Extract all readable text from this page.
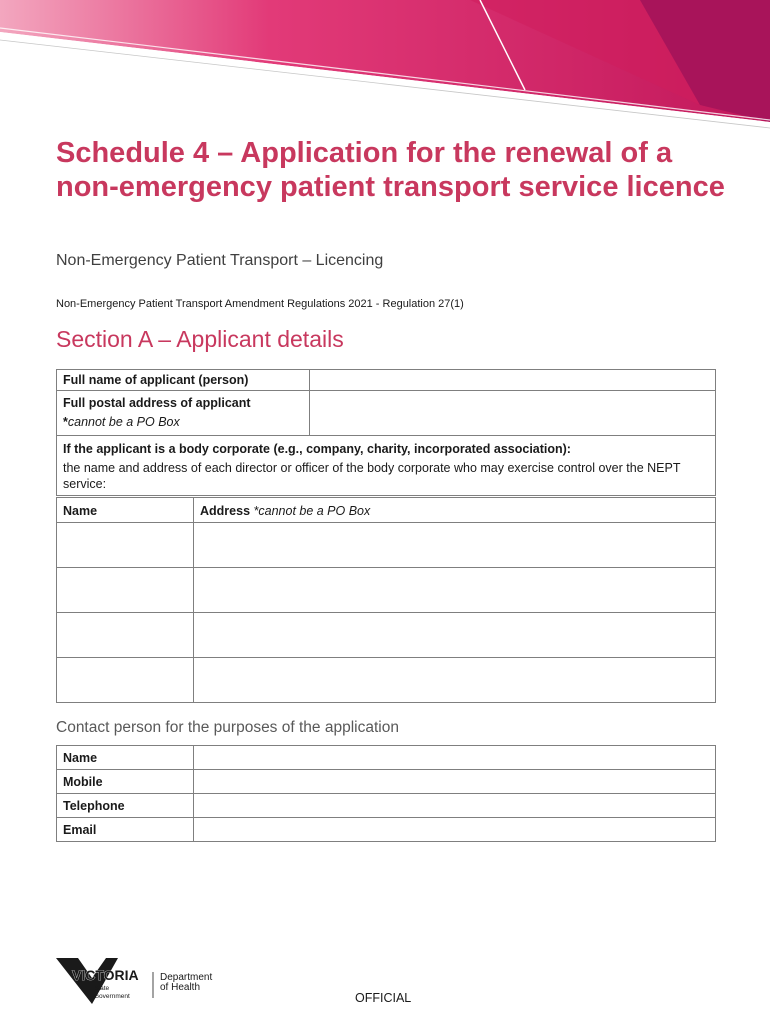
Schedule 4 – Application for the renewal of a non-emergency patient transport service licence

Non-Emergency Patient Transport – Licencing

Non-Emergency Patient Transport Amendment Regulations 2021 - Regulation 27(1)

Section A – Applicant details
Full name of applicant (person)	

Full postal address of applicant
*cannot be a PO Box	

If the applicant is a body corporate (e.g., company, charity, incorporated association):
the name and address of each director or officer of the body corporate who may exercise control over the NEPT service:	
Name	Address *cannot be a PO Box

Contact person for the purposes of the application
Name	
Mobile	
Telephone	
Email	
VICTORIA
State
Government
Department
of Health

OFFICIAL
